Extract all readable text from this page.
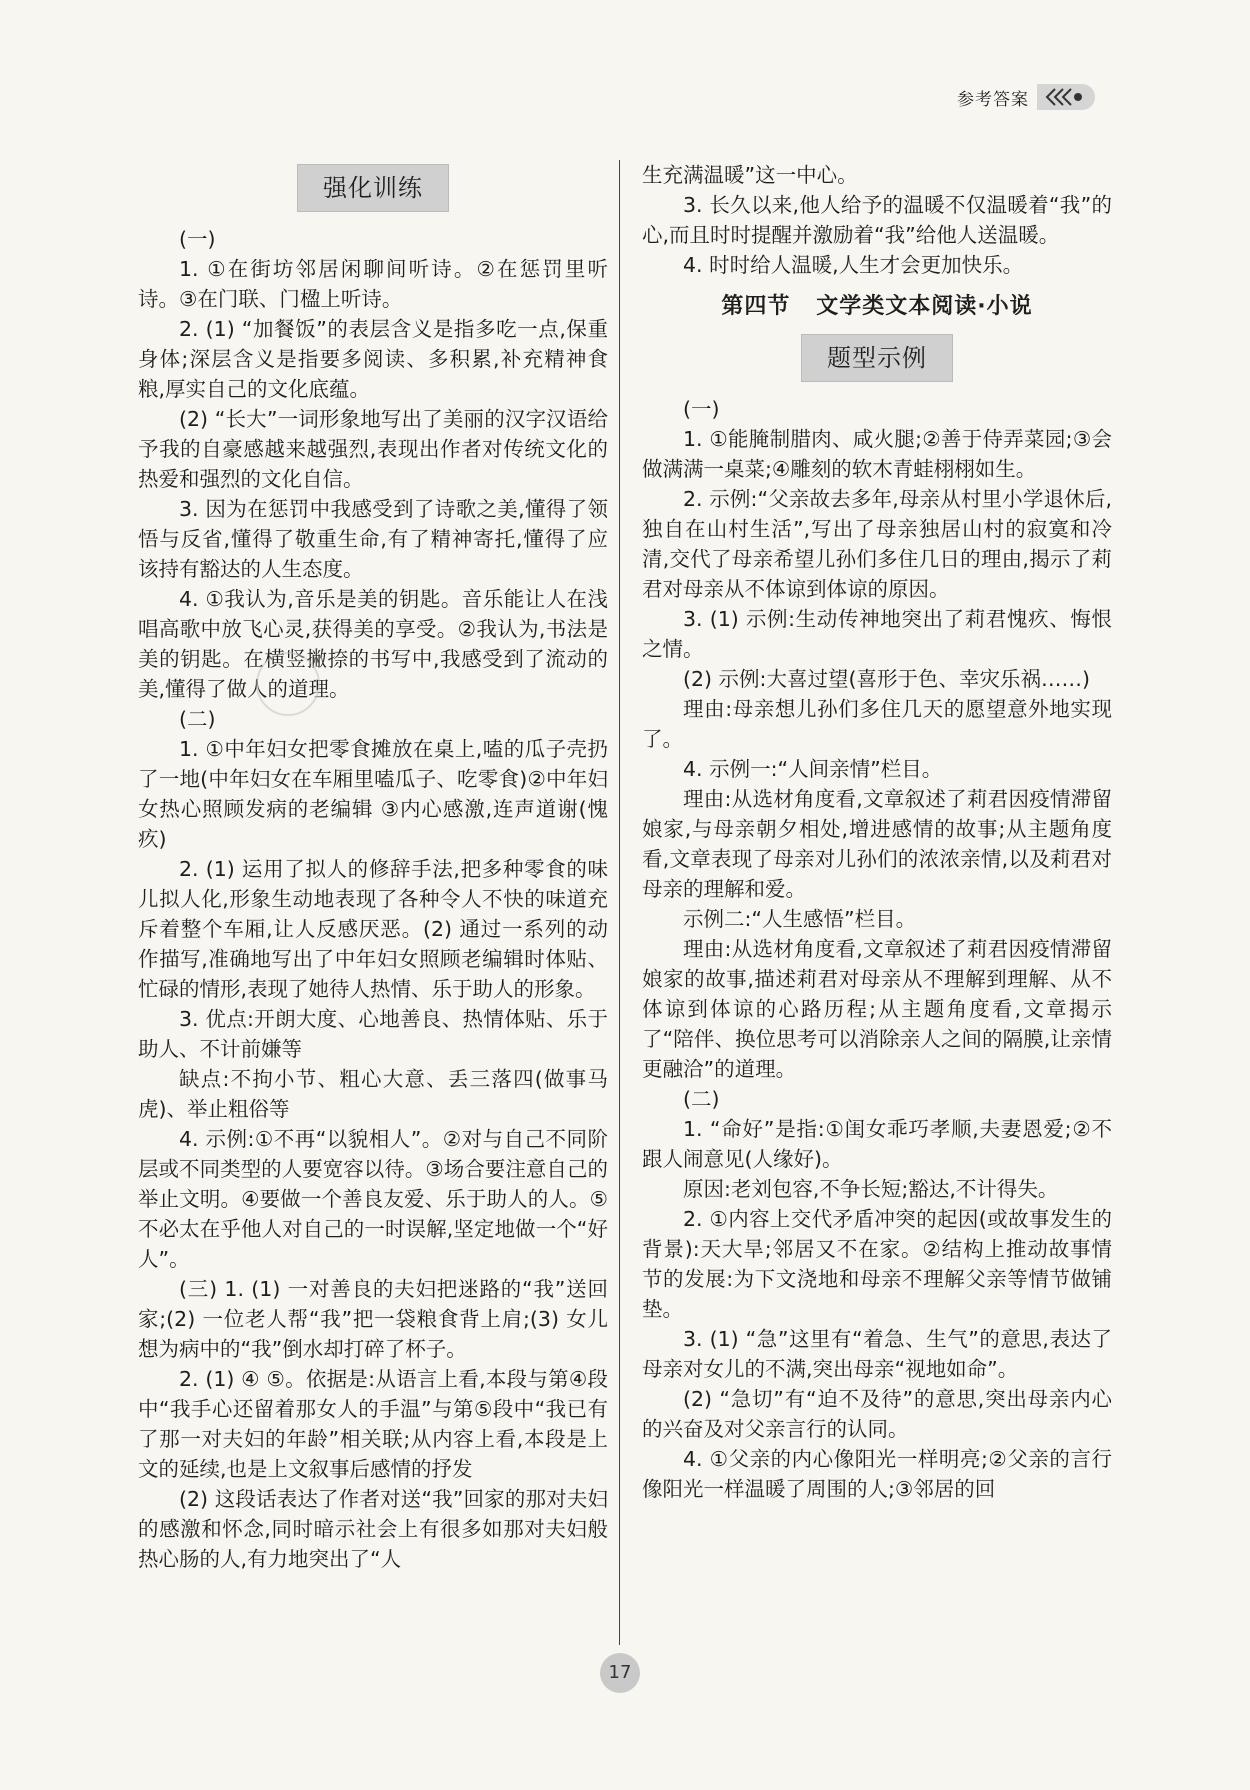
参考答案
强化训练

(一)

1. ①在街坊邻居闲聊间听诗。②在惩罚里听诗。③在门联、门楹上听诗。

2. (1) “加餐饭”的表层含义是指多吃一点,保重身体;深层含义是指要多阅读、多积累,补充精神食粮,厚实自己的文化底蕴。

(2) “长大”一词形象地写出了美丽的汉字汉语给予我的自豪感越来越强烈,表现出作者对传统文化的热爱和强烈的文化自信。

3. 因为在惩罚中我感受到了诗歌之美,懂得了领悟与反省,懂得了敬重生命,有了精神寄托,懂得了应该持有豁达的人生态度。

4. ①我认为,音乐是美的钥匙。音乐能让人在浅唱高歌中放飞心灵,获得美的享受。②我认为,书法是美的钥匙。在横竖撇捺的书写中,我感受到了流动的美,懂得了做人的道理。

(二)

1. ①中年妇女把零食摊放在桌上,嗑的瓜子壳扔了一地(中年妇女在车厢里嗑瓜子、吃零食)②中年妇女热心照顾发病的老编辑 ③内心感激,连声道谢(愧疚)

2. (1) 运用了拟人的修辞手法,把多种零食的味儿拟人化,形象生动地表现了各种令人不快的味道充斥着整个车厢,让人反感厌恶。(2) 通过一系列的动作描写,准确地写出了中年妇女照顾老编辑时体贴、忙碌的情形,表现了她待人热情、乐于助人的形象。

3. 优点:开朗大度、心地善良、热情体贴、乐于助人、不计前嫌等

缺点:不拘小节、粗心大意、丢三落四(做事马虎)、举止粗俗等

4. 示例:①不再“以貌相人”。②对与自己不同阶层或不同类型的人要宽容以待。③场合要注意自己的举止文明。④要做一个善良友爱、乐于助人的人。⑤不必太在乎他人对自己的一时误解,坚定地做一个“好人”。

(三) 1. (1) 一对善良的夫妇把迷路的“我”送回家;(2) 一位老人帮“我”把一袋粮食背上肩;(3) 女儿想为病中的“我”倒水却打碎了杯子。

2. (1) ④ ⑤。依据是:从语言上看,本段与第④段中“我手心还留着那女人的手温”与第⑤段中“我已有了那一对夫妇的年龄”相关联;从内容上看,本段是上文的延续,也是上文叙事后感情的抒发

(2) 这段话表达了作者对送“我”回家的那对夫妇的感激和怀念,同时暗示社会上有很多如那对夫妇般热心肠的人,有力地突出了“人

生充满温暖”这一中心。

3. 长久以来,他人给予的温暖不仅温暖着“我”的心,而且时时提醒并激励着“我”给他人送温暖。

4. 时时给人温暖,人生才会更加快乐。

第四节   文学类文本阅读·小说
题型示例

(一)

1. ①能腌制腊肉、咸火腿;②善于侍弄菜园;③会做满满一桌菜;④雕刻的软木青蛙栩栩如生。

2. 示例:“父亲故去多年,母亲从村里小学退休后,独自在山村生活”,写出了母亲独居山村的寂寞和冷清,交代了母亲希望儿孙们多住几日的理由,揭示了莉君对母亲从不体谅到体谅的原因。

3. (1) 示例:生动传神地突出了莉君愧疚、悔恨之情。

(2) 示例:大喜过望(喜形于色、幸灾乐祸……)

理由:母亲想儿孙们多住几天的愿望意外地实现了。

4. 示例一:“人间亲情”栏目。

理由:从选材角度看,文章叙述了莉君因疫情滞留娘家,与母亲朝夕相处,增进感情的故事;从主题角度看,文章表现了母亲对儿孙们的浓浓亲情,以及莉君对母亲的理解和爱。

示例二:“人生感悟”栏目。

理由:从选材角度看,文章叙述了莉君因疫情滞留娘家的故事,描述莉君对母亲从不理解到理解、从不体谅到体谅的心路历程;从主题角度看,文章揭示了“陪伴、换位思考可以消除亲人之间的隔膜,让亲情更融洽”的道理。

(二)

1. “命好”是指:①闺女乖巧孝顺,夫妻恩爱;②不跟人闹意见(人缘好)。

原因:老刘包容,不争长短;豁达,不计得失。

2. ①内容上交代矛盾冲突的起因(或故事发生的背景):天大旱;邻居又不在家。②结构上推动故事情节的发展:为下文浇地和母亲不理解父亲等情节做铺垫。

3. (1) “急”这里有“着急、生气”的意思,表达了母亲对女儿的不满,突出母亲“视地如命”。

(2) “急切”有“迫不及待”的意思,突出母亲内心的兴奋及对父亲言行的认同。

4. ①父亲的内心像阳光一样明亮;②父亲的言行像阳光一样温暖了周围的人;③邻居的回

17
